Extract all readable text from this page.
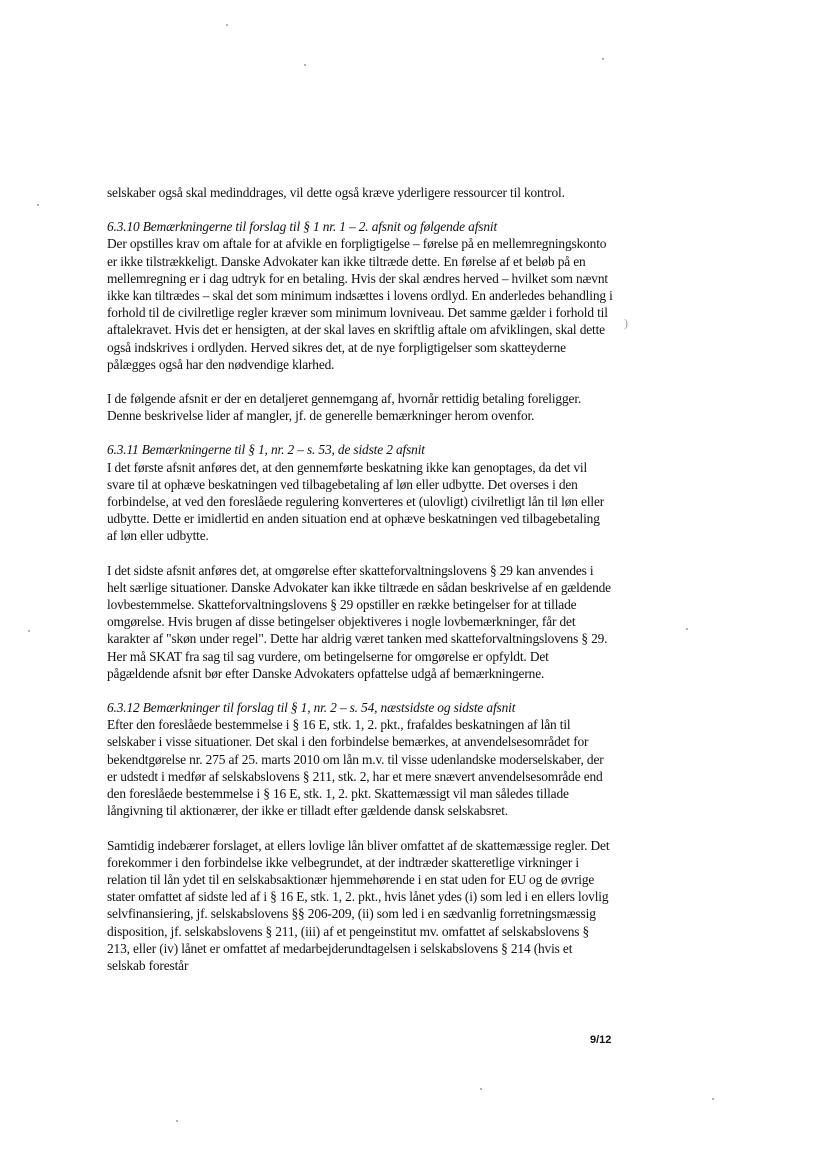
selskaber også skal medinddrages, vil dette også kræve yderligere ressourcer til kontrol.

6.3.10 Bemærkningerne til forslag til § 1 nr. 1 – 2. afsnit og følgende afsnit
Der opstilles krav om aftale for at afvikle en forpligtigelse – førelse på en mellemregningskonto er ikke tilstrækkeligt. Danske Advokater kan ikke tiltræde dette. En førelse af et beløb på en mellemregning er i dag udtryk for en betaling. Hvis der skal ændres herved – hvilket som nævnt ikke kan tiltrædes – skal det som minimum indsættes i lovens ordlyd. En anderledes behandling i forhold til de civilretlige regler kræver som minimum lovniveau. Det samme gælder i forhold til aftalekravet. Hvis det er hensigten, at der skal laves en skriftlig aftale om afviklingen, skal dette også indskrives i ordlyden. Herved sikres det, at de nye forpligtigelser som skatteyderne pålægges også har den nødvendige klarhed.

I de følgende afsnit er der en detaljeret gennemgang af, hvornår rettidig betaling foreligger. Denne beskrivelse lider af mangler, jf. de generelle bemærkninger herom ovenfor.

6.3.11 Bemærkningerne til § 1, nr. 2 – s. 53, de sidste 2 afsnit
I det første afsnit anføres det, at den gennemførte beskatning ikke kan genoptages, da det vil svare til at ophæve beskatningen ved tilbagebetaling af løn eller udbytte. Det overses i den forbindelse, at ved den foreslåede regulering konverteres et (ulovligt) civilretligt lån til løn eller udbytte. Dette er imidlertid en anden situation end at ophæve beskatningen ved tilbagebetaling af løn eller udbytte.

I det sidste afsnit anføres det, at omgørelse efter skatteforvaltningslovens § 29 kan anvendes i helt særlige situationer. Danske Advokater kan ikke tiltræde en sådan beskrivelse af en gældende lovbestemmelse. Skatteforvaltningslovens § 29 opstiller en række betingelser for at tillade omgørelse. Hvis brugen af disse betingelser objektiveres i nogle lovbemærkninger, får det karakter af "skøn under regel". Dette har aldrig været tanken med skatteforvaltningslovens § 29. Her må SKAT fra sag til sag vurdere, om betingelserne for omgørelse er opfyldt. Det pågældende afsnit bør efter Danske Advokaters opfattelse udgå af bemærkningerne.

6.3.12 Bemærkninger til forslag til § 1, nr. 2 – s. 54, næstsidste og sidste afsnit
Efter den foreslåede bestemmelse i § 16 E, stk. 1, 2. pkt., frafaldes beskatningen af lån til selskaber i visse situationer. Det skal i den forbindelse bemærkes, at anvendelsesområdet for bekendtgørelse nr. 275 af 25. marts 2010 om lån m.v. til visse udenlandske moderselskaber, der er udstedt i medfør af selskabslovens § 211, stk. 2, har et mere snævert anvendelsesområde end den foreslåede bestemmelse i § 16 E, stk. 1, 2. pkt. Skattemæssigt vil man således tillade långivning til aktionærer, der ikke er tilladt efter gældende dansk selskabsret.

Samtidig indebærer forslaget, at ellers lovlige lån bliver omfattet af de skattemæssige regler. Det forekommer i den forbindelse ikke velbegrundet, at der indtræder skatteretlige virkninger i relation til lån ydet til en selskabsaktionær hjemmehørende i en stat uden for EU og de øvrige stater omfattet af sidste led af i § 16 E, stk. 1, 2. pkt., hvis lånet ydes (i) som led i en ellers lovlig selvfinansiering, jf. selskabslovens §§ 206-209, (ii) som led i en sædvanlig forretningsmæssig disposition, jf. selskabslovens § 211, (iii) af et pengeinstitut mv. omfattet af selskabslovens § 213, eller (iv) lånet er omfattet af medarbejderundtagelsen i selskabslovens § 214 (hvis et selskab forestår

9/12
)
